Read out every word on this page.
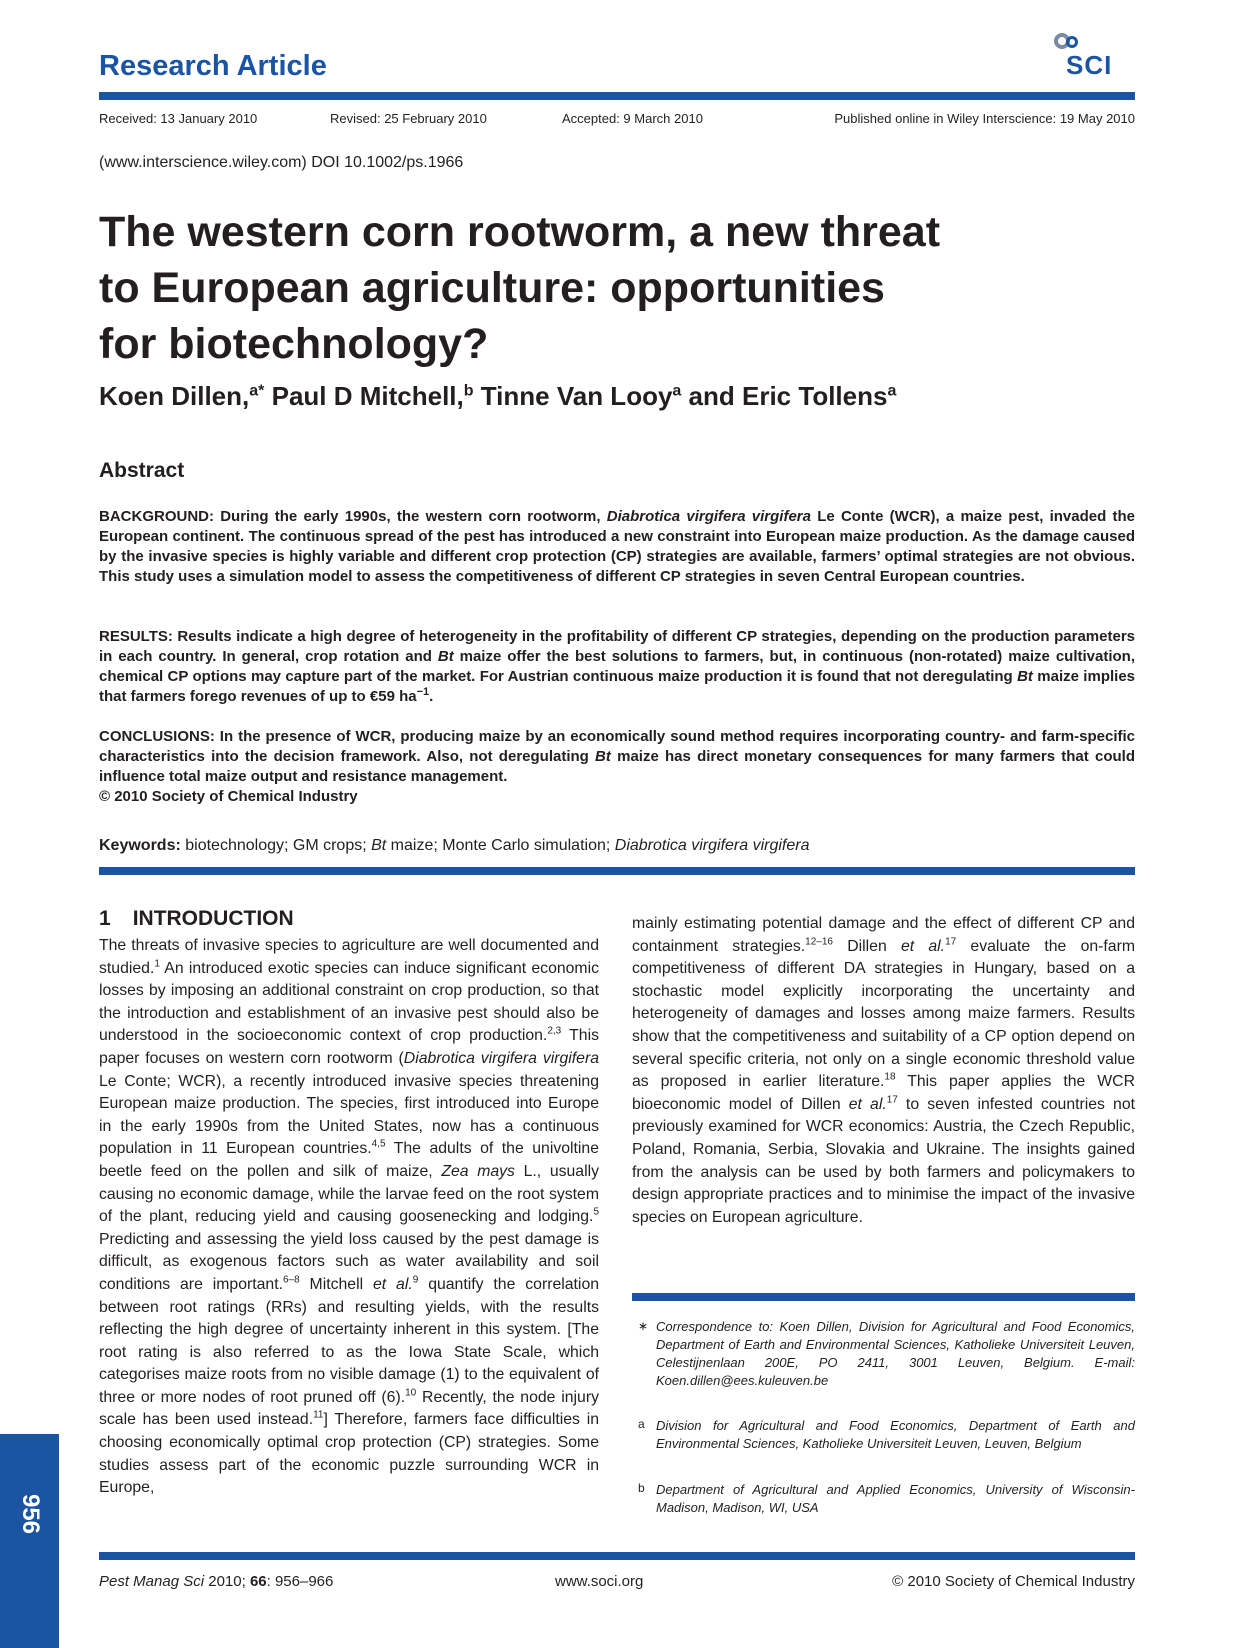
Research Article	SCI
Received: 13 January 2010	Revised: 25 February 2010	Accepted: 9 March 2010	Published online in Wiley Interscience: 19 May 2010
(www.interscience.wiley.com) DOI 10.1002/ps.1966
The western corn rootworm, a new threat
to European agriculture: opportunities
for biotechnology?
Koen Dillen,$^{a*}$ Paul D Mitchell,$^b$ Tinne Van Looy$^a$ and Eric Tollens$^a$
Abstract

BACKGROUND: During the early 1990s, the western corn rootworm, Diabrotica virgifera virgifera Le Conte (WCR), a maize pest, invaded the European continent. The continuous spread of the pest has introduced a new constraint into European maize production. As the damage caused by the invasive species is highly variable and different crop protection (CP) strategies are available, farmers’ optimal strategies are not obvious. This study uses a simulation model to assess the competitiveness of different CP strategies in seven Central European countries.

RESULTS: Results indicate a high degree of heterogeneity in the profitability of different CP strategies, depending on the production parameters in each country. In general, crop rotation and Bt maize offer the best solutions to farmers, but, in continuous (non-rotated) maize cultivation, chemical CP options may capture part of the market. For Austrian continuous maize production it is found that not deregulating Bt maize implies that farmers forego revenues of up to €59 $ha^{-1}$.

CONCLUSIONS: In the presence of WCR, producing maize by an economically sound method requires incorporating country- and farm-specific characteristics into the decision framework. Also, not deregulating Bt maize has direct monetary consequences for many farmers that could influence total maize output and resistance management.
© 2010 Society of Chemical Industry

Keywords: biotechnology; GM crops; Bt maize; Monte Carlo simulation; Diabrotica virgifera virgifera
1 INTRODUCTION

The threats of invasive species to agriculture are well documented and studied.$^1$ An introduced exotic species can induce significant economic losses by imposing an additional constraint on crop production, so that the introduction and establishment of an invasive pest should also be understood in the socioeconomic context of crop production.$^{2,3}$ This paper focuses on western corn rootworm (Diabrotica virgifera virgifera Le Conte; WCR), a recently introduced invasive species threatening European maize production. The species, first introduced into Europe in the early 1990s from the United States, now has a continuous population in 11 European countries.$^{4,5}$ The adults of the univoltine beetle feed on the pollen and silk of maize, Zea mays L., usually causing no economic damage, while the larvae feed on the root system of the plant, reducing yield and causing goosenecking and lodging.$^5$ Predicting and assessing the yield loss caused by the pest damage is difficult, as exogenous factors such as water availability and soil conditions are important.$^{6-8}$ Mitchell et al.$^9$ quantify the correlation between root ratings (RRs) and resulting yields, with the results reflecting the high degree of uncertainty inherent in this system. [The root rating is also referred to as the Iowa State Scale, which categorises maize roots from no visible damage (1) to the equivalent of three or more nodes of root pruned off (6).$^{10}$ Recently, the node injury scale has been used instead.$^{11}$] Therefore, farmers face difficulties in choosing economically optimal crop protection (CP) strategies. Some studies assess part of the economic puzzle surrounding WCR in Europe,

mainly estimating potential damage and the effect of different CP and containment strategies.$^{12-16}$ Dillen et al.$^{17}$ evaluate the on-farm competitiveness of different DA strategies in Hungary, based on a stochastic model explicitly incorporating the uncertainty and heterogeneity of damages and losses among maize farmers. Results show that the competitiveness and suitability of a CP option depend on several specific criteria, not only on a single economic threshold value as proposed in earlier literature.$^{18}$ This paper applies the WCR bioeconomic model of Dillen et al.$^{17}$ to seven infested countries not previously examined for WCR economics: Austria, the Czech Republic, Poland, Romania, Serbia, Slovakia and Ukraine. The insights gained from the analysis can be used by both farmers and policymakers to design appropriate practices and to minimise the impact of the invasive species on European agriculture.

∗ Correspondence to: Koen Dillen, Division for Agricultural and Food Economics, Department of Earth and Environmental Sciences, Katholieke Universiteit Leuven, Celestijnenlaan 200E, PO 2411, 3001 Leuven, Belgium. E-mail: Koen.dillen@ees.kuleuven.be
a Division for Agricultural and Food Economics, Department of Earth and Environmental Sciences, Katholieke Universiteit Leuven, Leuven, Belgium
b Department of Agricultural and Applied Economics, University of Wisconsin-Madison, Madison, WI, USA
956
Pest Manag Sci 2010; 66: 956–966	www.soci.org	© 2010 Society of Chemical Industry
